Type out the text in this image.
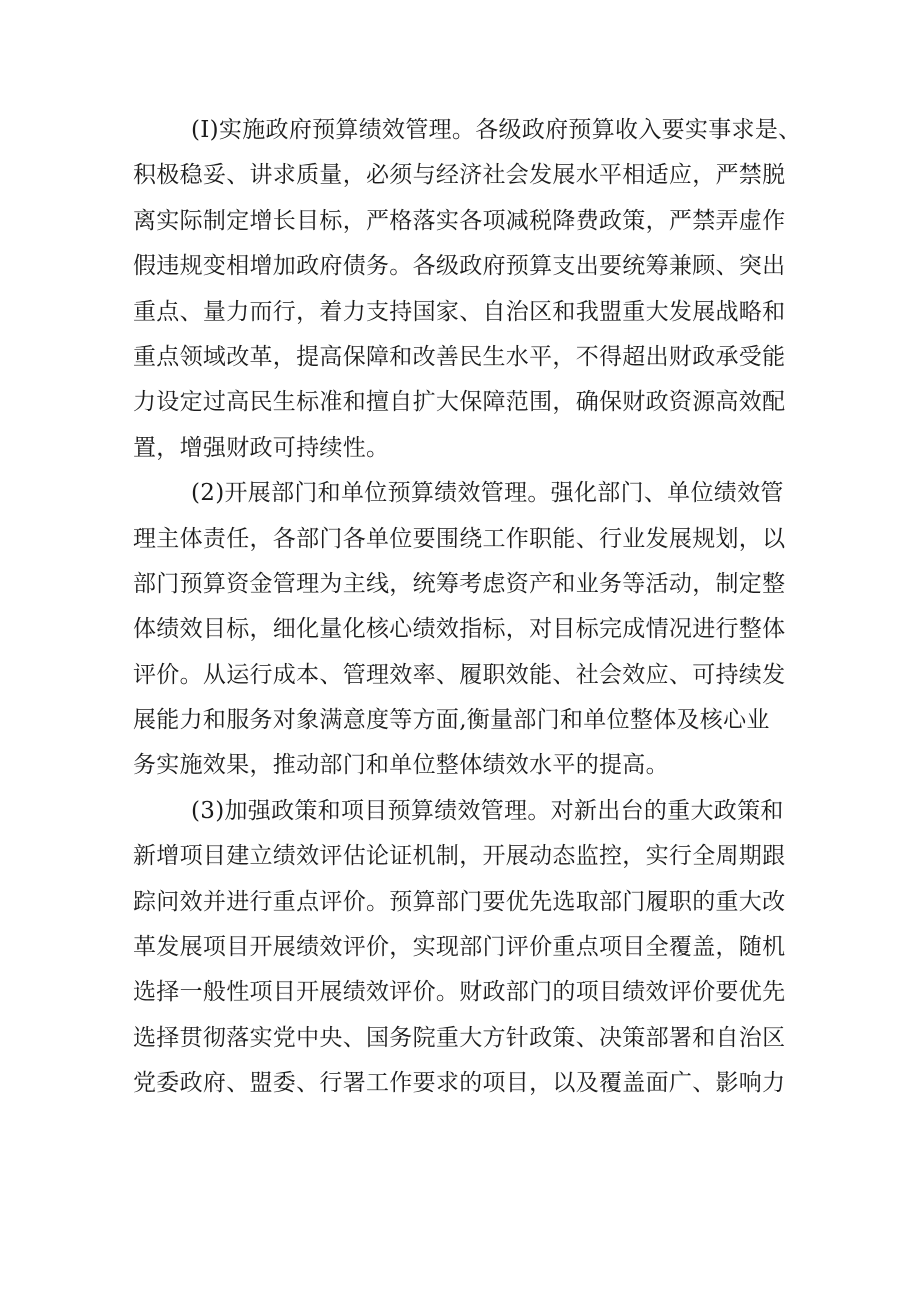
(I)实施政府预算绩效管理。各级政府预算收入要实事求是、
积极稳妥、讲求质量，必须与经济社会发展水平相适应，严禁脱
离实际制定增长目标，严格落实各项减税降费政策，严禁弄虚作
假违规变相增加政府债务。各级政府预算支出要统筹兼顾、突出
重点、量力而行，着力支持国家、自治区和我盟重大发展战略和
重点领域改革，提高保障和改善民生水平，不得超出财政承受能
力设定过高民生标准和擅自扩大保障范围，确保财政资源高效配
置，增强财政可持续性。
(2)开展部门和单位预算绩效管理。强化部门、单位绩效管
理主体责任，各部门各单位要围绕工作职能、行业发展规划，以
部门预算资金管理为主线，统筹考虑资产和业务等活动，制定整
体绩效目标，细化量化核心绩效指标，对目标完成情况进行整体
评价。从运行成本、管理效率、履职效能、社会效应、可持续发
展能力和服务对象满意度等方面,衡量部门和单位整体及核心业
务实施效果，推动部门和单位整体绩效水平的提高。
(3)加强政策和项目预算绩效管理。对新出台的重大政策和
新增项目建立绩效评估论证机制，开展动态监控，实行全周期跟
踪问效并进行重点评价。预算部门要优先选取部门履职的重大改
革发展项目开展绩效评价，实现部门评价重点项目全覆盖，随机
选择一般性项目开展绩效评价。财政部门的项目绩效评价要优先
选择贯彻落实党中央、国务院重大方针政策、决策部署和自治区
党委政府、盟委、行署工作要求的项目，以及覆盖面广、影响力
